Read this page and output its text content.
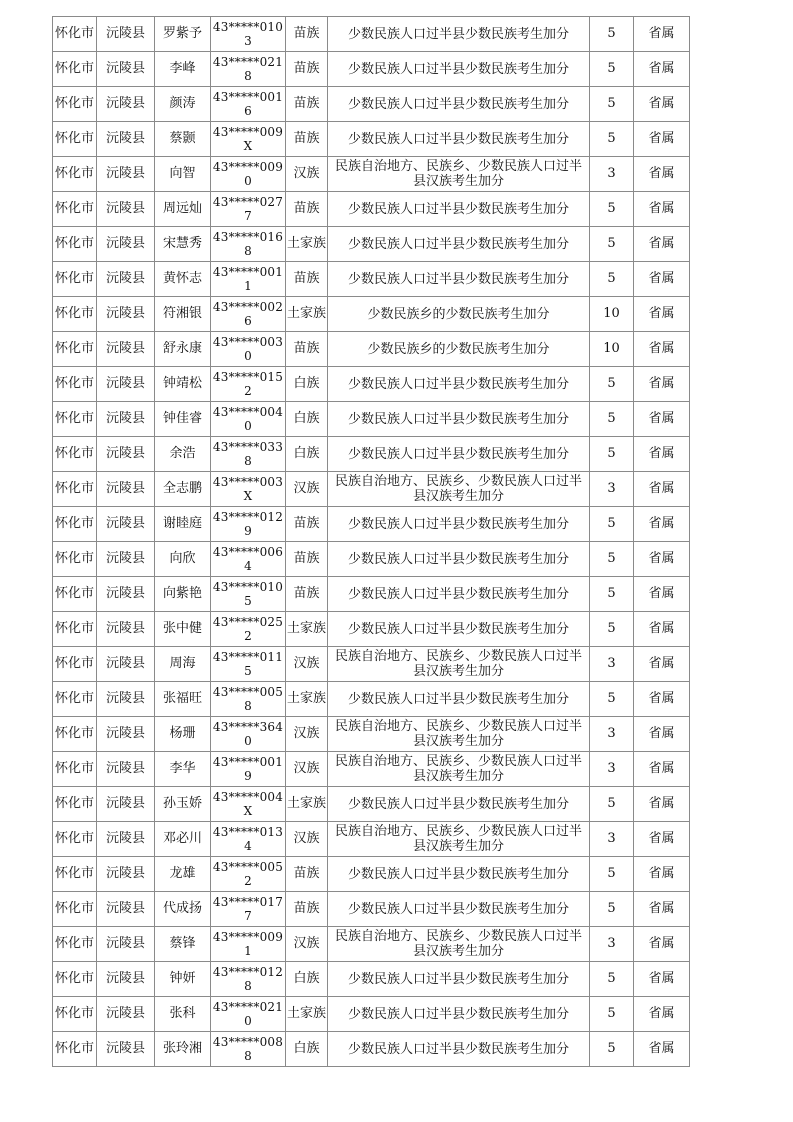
怀化市	沅陵县	罗紫予	43*****0103	苗族	少数民族人口过半县少数民族考生加分	5	省属
怀化市	沅陵县	李峰	43*****0218	苗族	少数民族人口过半县少数民族考生加分	5	省属
怀化市	沅陵县	颜涛	43*****0016	苗族	少数民族人口过半县少数民族考生加分	5	省属
怀化市	沅陵县	蔡颢	43*****009X	苗族	少数民族人口过半县少数民族考生加分	5	省属
怀化市	沅陵县	向智	43*****0090	汉族	民族自治地方、民族乡、少数民族人口过半县汉族考生加分	3	省属
怀化市	沅陵县	周远灿	43*****0277	苗族	少数民族人口过半县少数民族考生加分	5	省属
怀化市	沅陵县	宋慧秀	43*****0168	土家族	少数民族人口过半县少数民族考生加分	5	省属
怀化市	沅陵县	黄怀志	43*****0011	苗族	少数民族人口过半县少数民族考生加分	5	省属
怀化市	沅陵县	符湘银	43*****0026	土家族	少数民族乡的少数民族考生加分	10	省属
怀化市	沅陵县	舒永康	43*****0030	苗族	少数民族乡的少数民族考生加分	10	省属
怀化市	沅陵县	钟靖松	43*****0152	白族	少数民族人口过半县少数民族考生加分	5	省属
怀化市	沅陵县	钟佳睿	43*****0040	白族	少数民族人口过半县少数民族考生加分	5	省属
怀化市	沅陵县	余浩	43*****0338	白族	少数民族人口过半县少数民族考生加分	5	省属
怀化市	沅陵县	全志鹏	43*****003X	汉族	民族自治地方、民族乡、少数民族人口过半县汉族考生加分	3	省属
怀化市	沅陵县	谢睦庭	43*****0129	苗族	少数民族人口过半县少数民族考生加分	5	省属
怀化市	沅陵县	向欣	43*****0064	苗族	少数民族人口过半县少数民族考生加分	5	省属
怀化市	沅陵县	向紫艳	43*****0105	苗族	少数民族人口过半县少数民族考生加分	5	省属
怀化市	沅陵县	张中健	43*****0252	土家族	少数民族人口过半县少数民族考生加分	5	省属
怀化市	沅陵县	周海	43*****0115	汉族	民族自治地方、民族乡、少数民族人口过半县汉族考生加分	3	省属
怀化市	沅陵县	张福旺	43*****0058	土家族	少数民族人口过半县少数民族考生加分	5	省属
怀化市	沅陵县	杨珊	43*****3640	汉族	民族自治地方、民族乡、少数民族人口过半县汉族考生加分	3	省属
怀化市	沅陵县	李华	43*****0019	汉族	民族自治地方、民族乡、少数民族人口过半县汉族考生加分	3	省属
怀化市	沅陵县	孙玉娇	43*****004X	土家族	少数民族人口过半县少数民族考生加分	5	省属
怀化市	沅陵县	邓必川	43*****0134	汉族	民族自治地方、民族乡、少数民族人口过半县汉族考生加分	3	省属
怀化市	沅陵县	龙雄	43*****0052	苗族	少数民族人口过半县少数民族考生加分	5	省属
怀化市	沅陵县	代成扬	43*****0177	苗族	少数民族人口过半县少数民族考生加分	5	省属
怀化市	沅陵县	蔡锋	43*****0091	汉族	民族自治地方、民族乡、少数民族人口过半县汉族考生加分	3	省属
怀化市	沅陵县	钟妍	43*****0128	白族	少数民族人口过半县少数民族考生加分	5	省属
怀化市	沅陵县	张科	43*****0210	土家族	少数民族人口过半县少数民族考生加分	5	省属
怀化市	沅陵县	张玲湘	43*****0088	白族	少数民族人口过半县少数民族考生加分	5	省属
